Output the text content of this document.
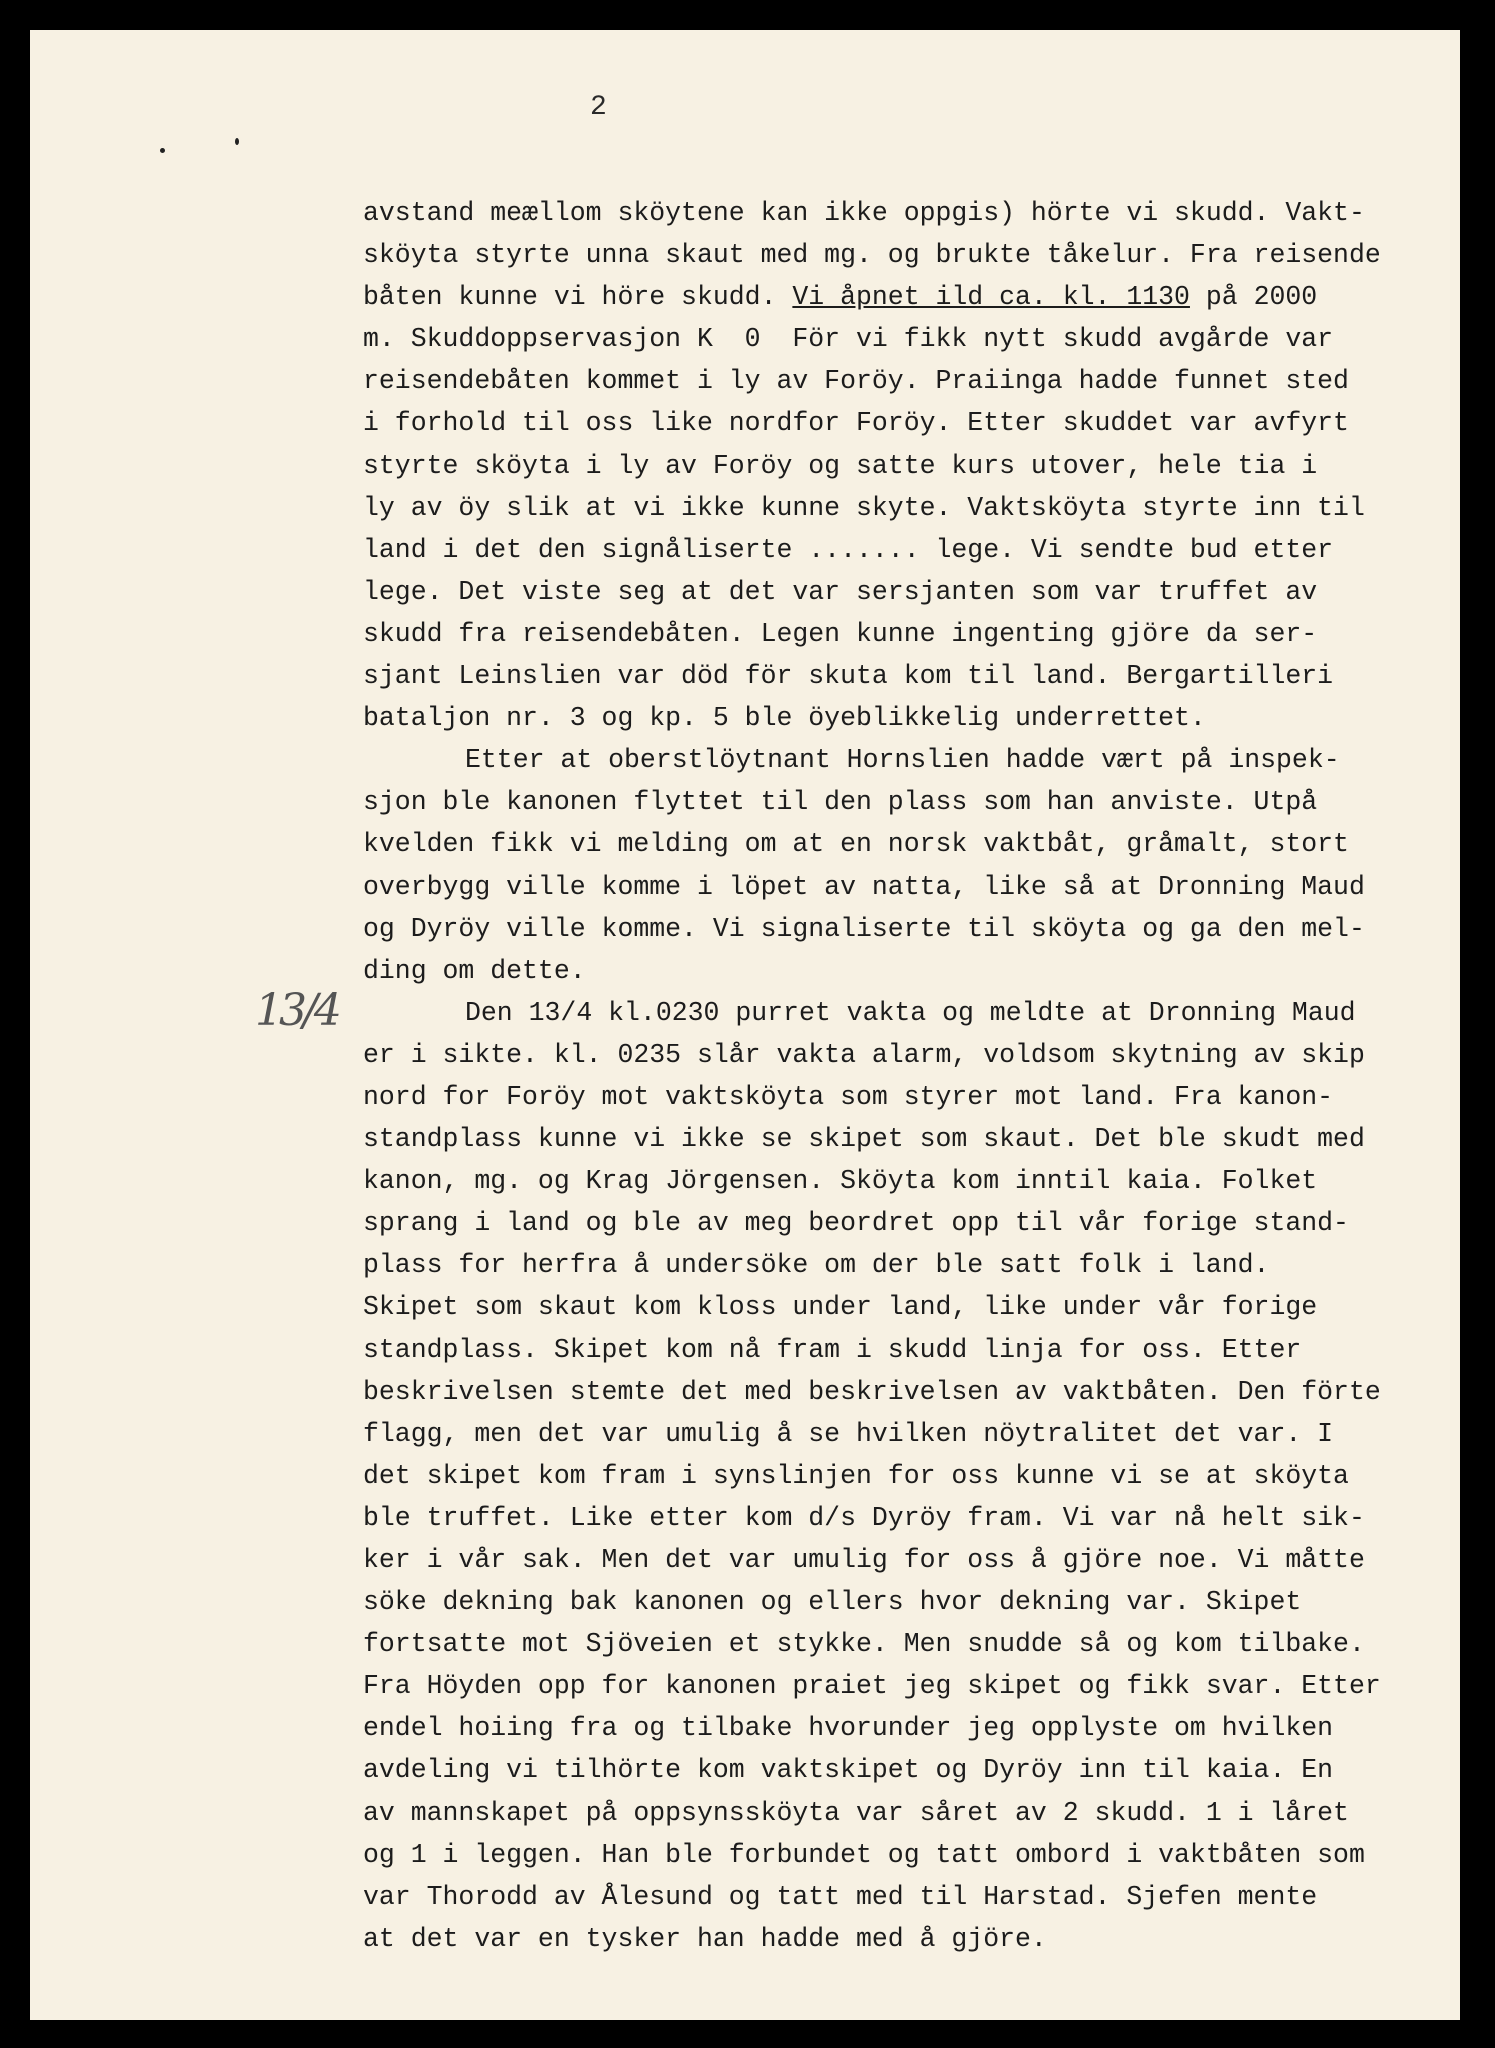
2
13/4
avstand meællom sköytene kan ikke oppgis) hörte vi skudd. Vakt-
sköyta styrte unna skaut med mg. og brukte tåkelur. Fra reisende
båten kunne vi höre skudd. Vi åpnet ild ca. kl. 1130 på 2000
m. Skuddoppservasjon K  0  För vi fikk nytt skudd avgårde var
reisendebåten kommet i ly av Foröy. Praiinga hadde funnet sted
i forhold til oss like nordfor Foröy. Etter skuddet var avfyrt
styrte sköyta i ly av Foröy og satte kurs utover, hele tia i
ly av öy slik at vi ikke kunne skyte. Vaktsköyta styrte inn til
land i det den signåliserte ....... lege. Vi sendte bud etter
lege. Det viste seg at det var sersjanten som var truffet av
skudd fra reisendebåten. Legen kunne ingenting gjöre da ser-
sjant Leinslien var död för skuta kom til land. Bergartilleri
bataljon nr. 3 og kp. 5 ble öyeblikkelig underrettet.
Etter at oberstlöytnant Hornslien hadde vært på inspek-
sjon ble kanonen flyttet til den plass som han anviste. Utpå
kvelden fikk vi melding om at en norsk vaktbåt, gråmalt, stort
overbygg ville komme i löpet av natta, like så at Dronning Maud
og Dyröy ville komme. Vi signaliserte til sköyta og ga den mel-
ding om dette.
Den 13/4 kl.0230 purret vakta og meldte at Dronning Maud
er i sikte. kl. 0235 slår vakta alarm, voldsom skytning av skip
nord for Foröy mot vaktsköyta som styrer mot land. Fra kanon-
standplass kunne vi ikke se skipet som skaut. Det ble skudt med
kanon, mg. og Krag Jörgensen. Sköyta kom inntil kaia. Folket
sprang i land og ble av meg beordret opp til vår forige stand-
plass for herfra å undersöke om der ble satt folk i land.
Skipet som skaut kom kloss under land, like under vår forige
standplass. Skipet kom nå fram i skudd linja for oss. Etter
beskrivelsen stemte det med beskrivelsen av vaktbåten. Den förte
flagg, men det var umulig å se hvilken nöytralitet det var. I
det skipet kom fram i synslinjen for oss kunne vi se at sköyta
ble truffet. Like etter kom d/s Dyröy fram. Vi var nå helt sik-
ker i vår sak. Men det var umulig for oss å gjöre noe. Vi måtte
söke dekning bak kanonen og ellers hvor dekning var. Skipet
fortsatte mot Sjöveien et stykke. Men snudde så og kom tilbake.
Fra Höyden opp for kanonen praiet jeg skipet og fikk svar. Etter
endel hoiing fra og tilbake hvorunder jeg opplyste om hvilken
avdeling vi tilhörte kom vaktskipet og Dyröy inn til kaia. En
av mannskapet på oppsynssköyta var såret av 2 skudd. 1 i låret
og 1 i leggen. Han ble forbundet og tatt ombord i vaktbåten som
var Thorodd av Ålesund og tatt med til Harstad. Sjefen mente
at det var en tysker han hadde med å gjöre.
